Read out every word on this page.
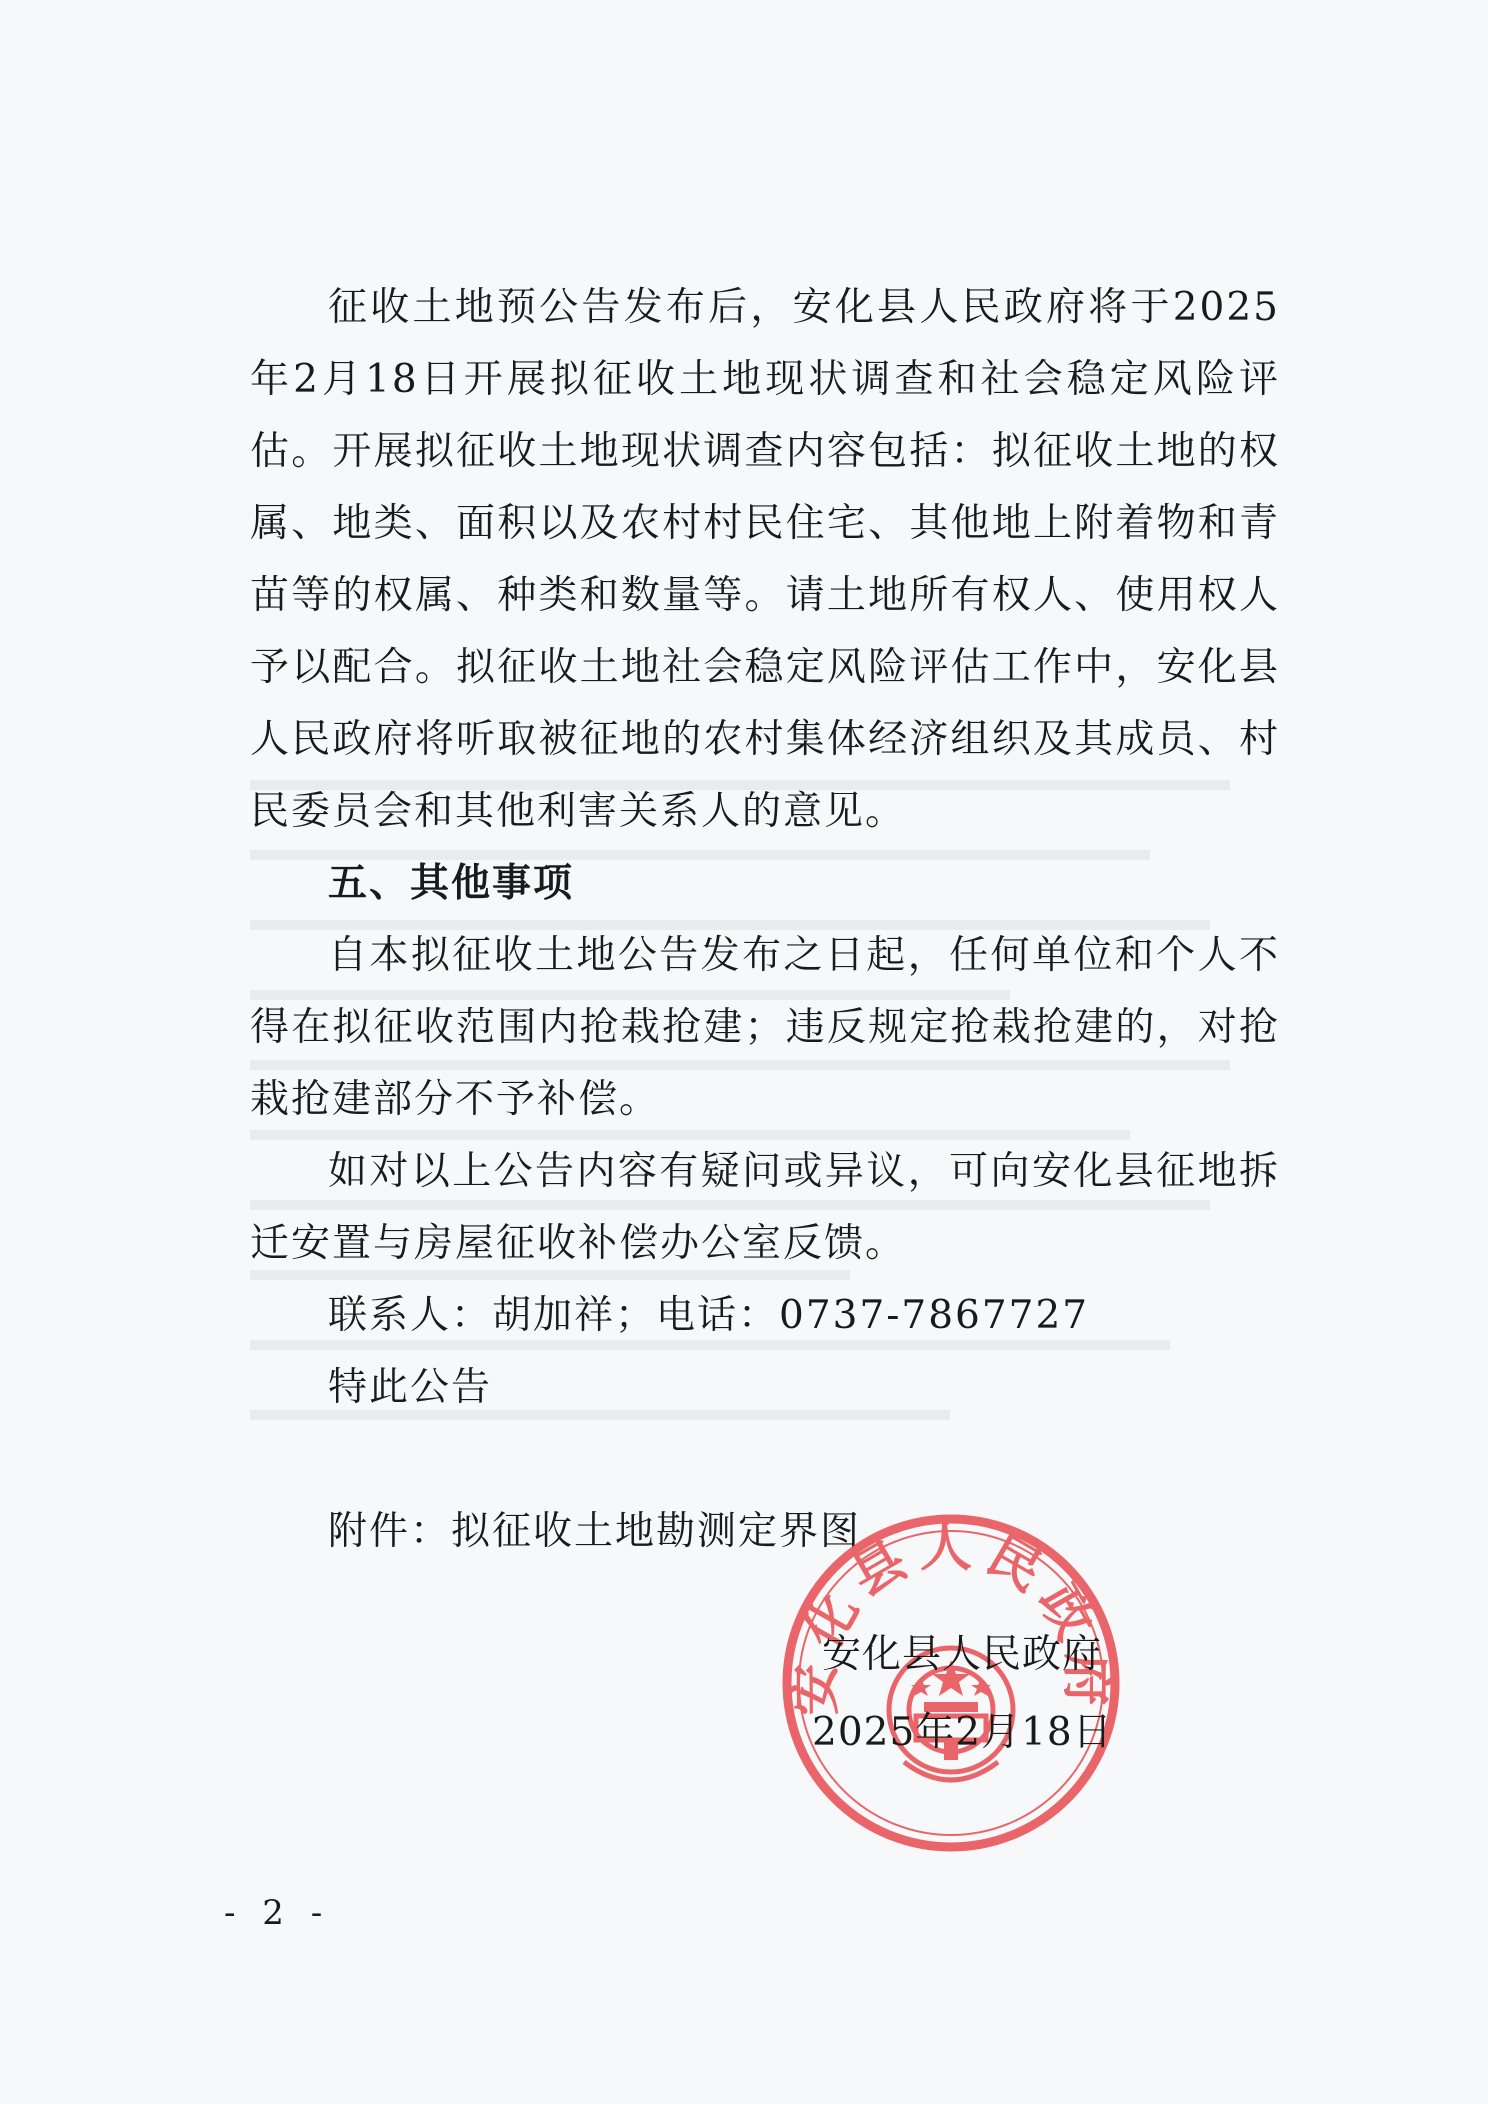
征收土地预公告发布后，安化县人民政府将于2025年2月18日开展拟征收土地现状调查和社会稳定风险评估。开展拟征收土地现状调查内容包括：拟征收土地的权属、地类、面积以及农村村民住宅、其他地上附着物和青苗等的权属、种类和数量等。请土地所有权人、使用权人予以配合。拟征收土地社会稳定风险评估工作中，安化县人民政府将听取被征地的农村集体经济组织及其成员、村民委员会和其他利害关系人的意见。

五、其他事项

自本拟征收土地公告发布之日起，任何单位和个人不得在拟征收范围内抢栽抢建；违反规定抢栽抢建的，对抢栽抢建部分不予补偿。

如对以上公告内容有疑问或异议，可向安化县征地拆迁安置与房屋征收补偿办公室反馈。

联系人：胡加祥；电话：0737-7867727

特此公告

附件：拟征收土地勘测定界图

安化县人民政府
安化县人民政府
2025年2月18日
- 2 -
